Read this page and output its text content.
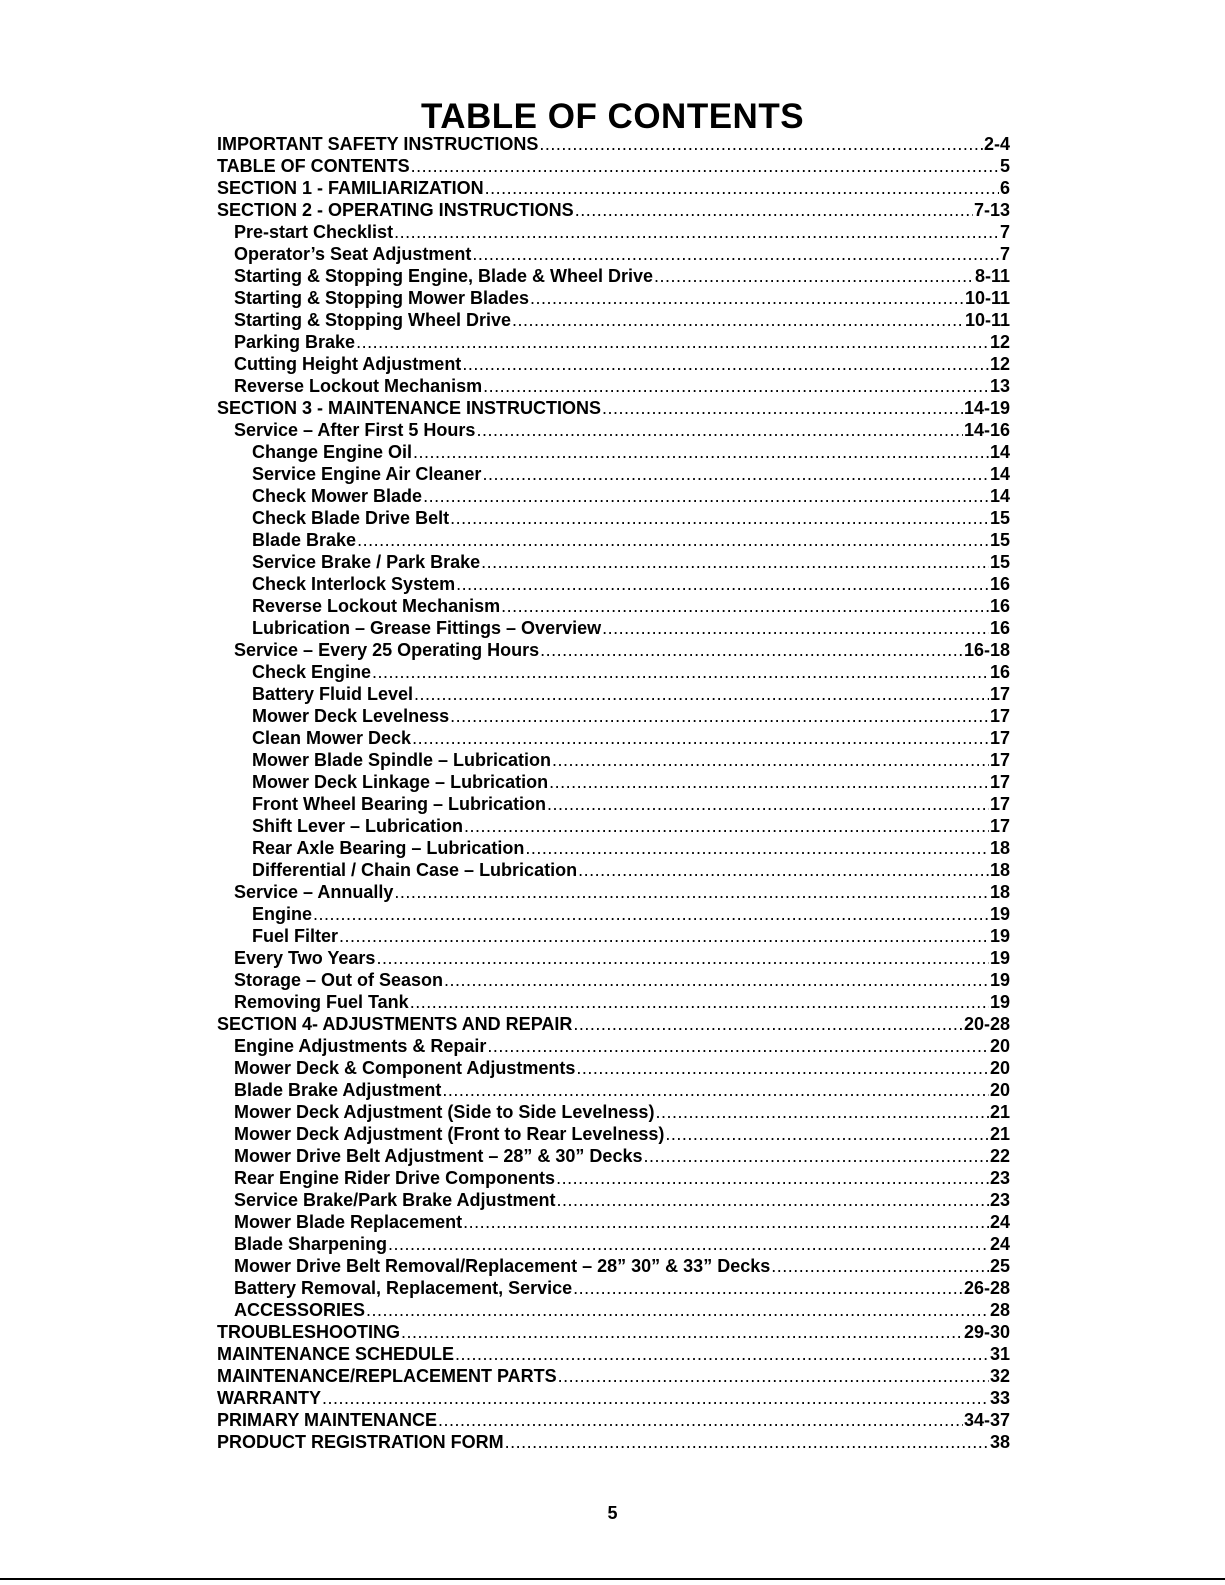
TABLE OF CONTENTS
IMPORTANT SAFETY INSTRUCTIONS .....	2-4
TABLE OF CONTENTS .....	5
SECTION 1 - FAMILIARIZATION .....	6
SECTION 2 - OPERATING INSTRUCTIONS .....	7-13
Pre-start Checklist .....	7
Operator’s Seat Adjustment .....	7
Starting & Stopping Engine, Blade & Wheel Drive .....	8-11
Starting & Stopping Mower Blades .....	10-11
Starting & Stopping Wheel Drive .....	10-11
Parking Brake .....	12
Cutting Height Adjustment .....	12
Reverse Lockout Mechanism .....	13
SECTION 3 - MAINTENANCE INSTRUCTIONS .....	14-19
Service – After First 5 Hours .....	14-16
Change Engine Oil .....	14
Service Engine Air Cleaner .....	14
Check Mower Blade .....	14
Check Blade Drive Belt .....	15
Blade Brake .....	15
Service Brake / Park Brake .....	15
Check Interlock System .....	16
Reverse Lockout Mechanism .....	16
Lubrication – Grease Fittings – Overview .....	16
Service – Every 25 Operating Hours .....	16-18
Check Engine .....	16
Battery Fluid Level .....	17
Mower Deck Levelness .....	17
Clean Mower Deck .....	17
Mower Blade Spindle – Lubrication .....	17
Mower Deck Linkage – Lubrication .....	17
Front Wheel Bearing – Lubrication .....	17
Shift Lever – Lubrication .....	17
Rear Axle Bearing – Lubrication .....	18
Differential / Chain Case – Lubrication .....	18
Service – Annually .....	18
Engine .....	19
Fuel Filter .....	19
Every Two Years .....	19
Storage – Out of Season .....	19
Removing Fuel Tank .....	19
SECTION 4- ADJUSTMENTS AND REPAIR .....	20-28
Engine Adjustments & Repair .....	20
Mower Deck & Component Adjustments .....	20
Blade Brake Adjustment .....	20
Mower Deck Adjustment (Side to Side Levelness) .....	21
Mower Deck Adjustment (Front to Rear Levelness) .....	21
Mower Drive Belt Adjustment – 28” & 30” Decks .....	22
Rear Engine Rider Drive Components .....	23
Service Brake/Park Brake Adjustment .....	23
Mower Blade Replacement .....	24
Blade Sharpening .....	24
Mower Drive Belt Removal/Replacement – 28” 30” & 33” Decks .....	25
Battery Removal, Replacement, Service .....	26-28
ACCESSORIES .....	28
TROUBLESHOOTING .....	29-30
MAINTENANCE SCHEDULE .....	31
MAINTENANCE/REPLACEMENT PARTS .....	32
WARRANTY .....	33
PRIMARY MAINTENANCE .....	34-37
PRODUCT REGISTRATION FORM .....	38
5
